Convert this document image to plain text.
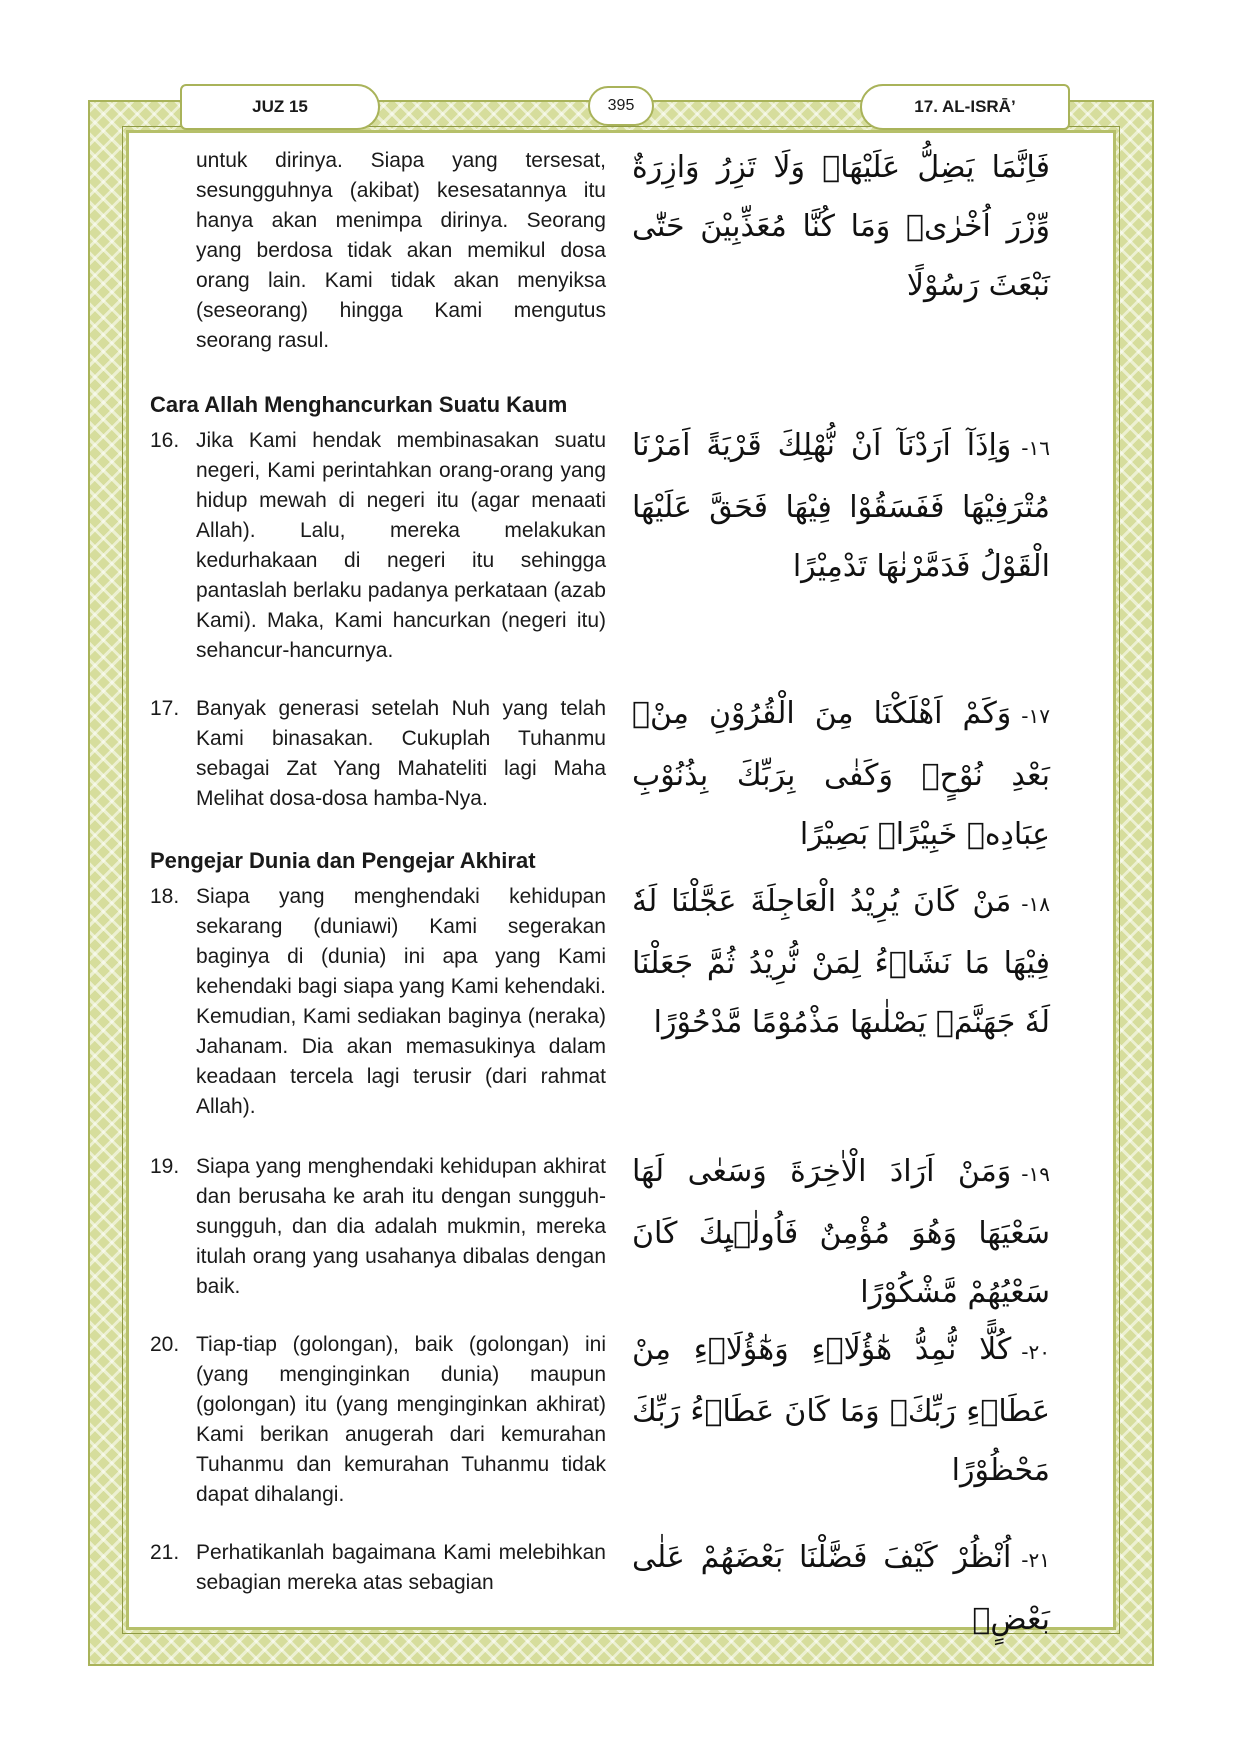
JUZ 15	395	17. AL-ISRĀ’
untuk dirinya. Siapa yang tersesat, sesungguhnya (akibat) kesesatannya itu hanya akan menimpa dirinya. Seorang yang berdosa tidak akan memikul dosa orang lain. Kami tidak akan menyiksa (seseorang) hingga Kami mengutus seorang rasul.
فَاِنَّمَا يَضِلُّ عَلَيْهَاۗ وَلَا تَزِرُ وَازِرَةٌ وِّزْرَ اُخْرٰىۗ وَمَا كُنَّا مُعَذِّبِيْنَ حَتّٰى نَبْعَثَ رَسُوْلًا
Cara Allah Menghancurkan Suatu Kaum
16. Jika Kami hendak membinasakan suatu negeri, Kami perintahkan orang-orang yang hidup mewah di negeri itu (agar menaati Allah). Lalu, mereka melakukan kedurhakaan di negeri itu sehingga pantaslah berlaku padanya perkataan (azab Kami). Maka, Kami hancurkan (negeri itu) sehancur-hancurnya.
١٦-وَاِذَآ اَرَدْنَآ اَنْ نُّهْلِكَ قَرْيَةً اَمَرْنَا مُتْرَفِيْهَا فَفَسَقُوْا فِيْهَا فَحَقَّ عَلَيْهَا الْقَوْلُ فَدَمَّرْنٰهَا تَدْمِيْرًا
17. Banyak generasi setelah Nuh yang telah Kami binasakan. Cukuplah Tuhanmu sebagai Zat Yang Mahateliti lagi Maha Melihat dosa-dosa hamba-Nya.
١٧-وَكَمْ اَهْلَكْنَا مِنَ الْقُرُوْنِ مِنْۢ بَعْدِ نُوْحٍۗ وَكَفٰى بِرَبِّكَ بِذُنُوْبِ عِبَادِهٖ خَبِيْرًاۢ بَصِيْرًا
Pengejar Dunia dan Pengejar Akhirat
18. Siapa yang menghendaki kehidupan sekarang (duniawi) Kami segerakan baginya di (dunia) ini apa yang Kami kehendaki bagi siapa yang Kami kehendaki. Kemudian, Kami sediakan baginya (neraka) Jahanam. Dia akan memasukinya dalam keadaan tercela lagi terusir (dari rahmat Allah).
١٨-مَنْ كَانَ يُرِيْدُ الْعَاجِلَةَ عَجَّلْنَا لَهٗ فِيْهَا مَا نَشَاۤءُ لِمَنْ نُّرِيْدُ ثُمَّ جَعَلْنَا لَهٗ جَهَنَّمَۚ يَصْلٰىهَا مَذْمُوْمًا مَّدْحُوْرًا
19. Siapa yang menghendaki kehidupan akhirat dan berusaha ke arah itu dengan sungguh-sungguh, dan dia adalah mukmin, mereka itulah orang yang usahanya dibalas dengan baik.
١٩-وَمَنْ اَرَادَ الْاٰخِرَةَ وَسَعٰى لَهَا سَعْيَهَا وَهُوَ مُؤْمِنٌ فَاُولٰۤىِٕكَ كَانَ سَعْيُهُمْ مَّشْكُوْرًا
20. Tiap-tiap (golongan), baik (golongan) ini (yang menginginkan dunia) maupun (golongan) itu (yang menginginkan akhirat) Kami berikan anugerah dari kemurahan Tuhanmu dan kemurahan Tuhanmu tidak dapat dihalangi.
٢٠-كُلًّا نُّمِدُّ هٰٓؤُلَاۤءِ وَهٰٓؤُلَاۤءِ مِنْ عَطَاۤءِ رَبِّكَۗ وَمَا كَانَ عَطَاۤءُ رَبِّكَ مَحْظُوْرًا
21. Perhatikanlah bagaimana Kami melebihkan sebagian mereka atas sebagian
٢١-اُنْظُرْ كَيْفَ فَضَّلْنَا بَعْضَهُمْ عَلٰى بَعْضٍۗ
